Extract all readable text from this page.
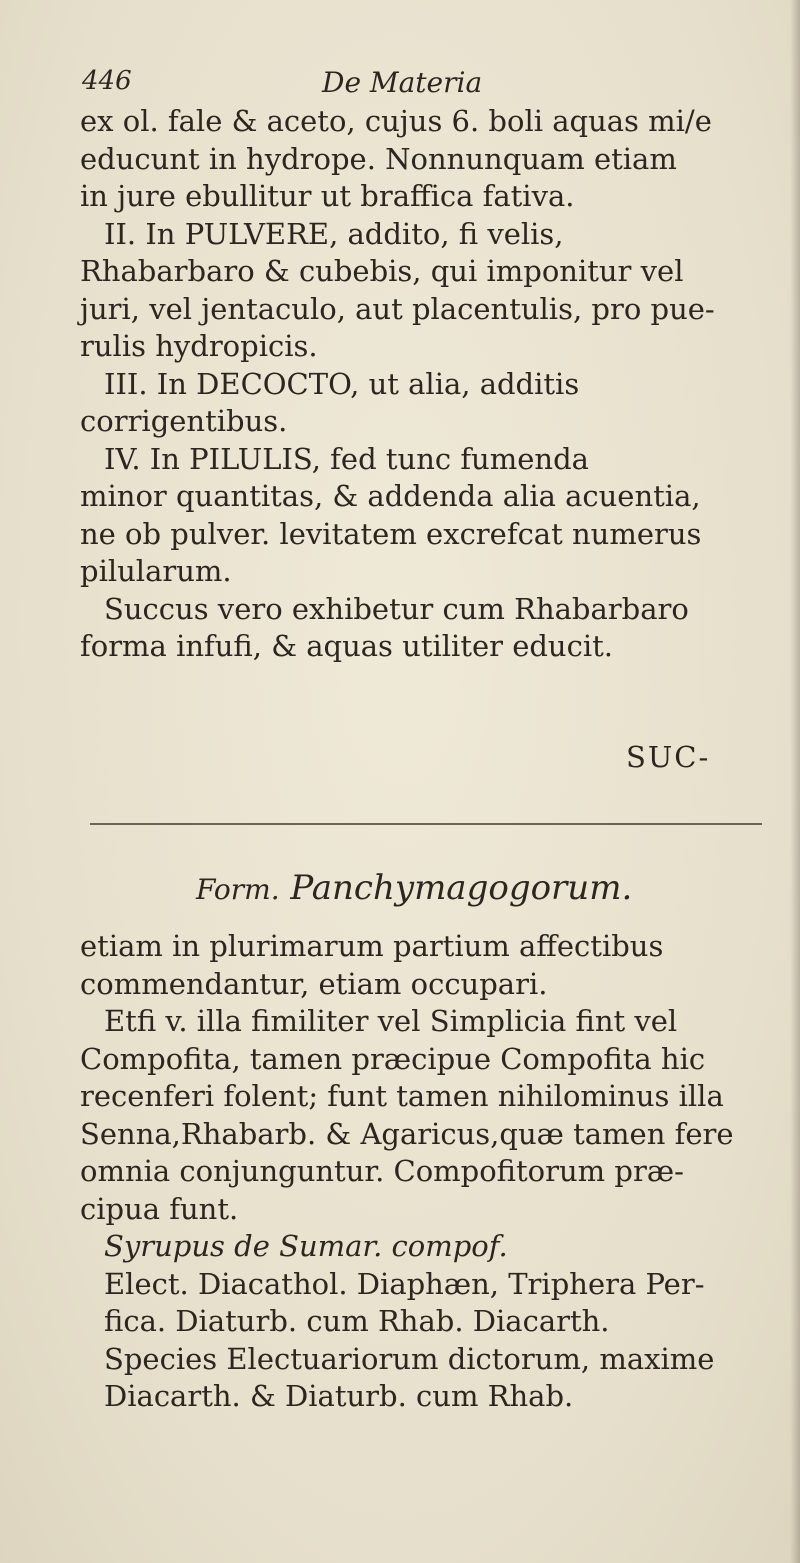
446	De Materia
ex ol. fale & aceto, cujus 6. boli aquas mi/e
educunt in hydrope. Nonnunquam etiam
in jure ebullitur ut braffica fativa.
II. In PULVERE, addito, fi velis,
Rhabarbaro & cubebis, qui imponitur vel
juri, vel jentaculo, aut placentulis, pro pue-
rulis hydropicis.
III. In DECOCTO, ut alia, additis
corrigentibus.
IV. In PILULIS, fed tunc fumenda
minor quantitas, & addenda alia acuentia,
ne ob pulver. levitatem excrefcat numerus
pilularum.
Succus vero exhibetur cum Rhabarbaro
forma infufi, & aquas utiliter educit.
SUC-
Form. Panchymagogorum.
etiam in plurimarum partium affectibus
commendantur, etiam occupari.
Etfi v. illa fimiliter vel Simplicia fint vel
Compofita, tamen præcipue Compofita hic
recenferi folent; funt tamen nihilominus illa
Senna,Rhabarb. & Agaricus,quæ tamen fere
omnia conjunguntur. Compofitorum præ-
cipua funt.
Syrupus de Sumar. compof.
Elect. Diacathol. Diaphæn, Triphera Per-
fica. Diaturb. cum Rhab. Diacarth.
Species Electuariorum dictorum, maxime
Diacarth. & Diaturb. cum Rhab.
